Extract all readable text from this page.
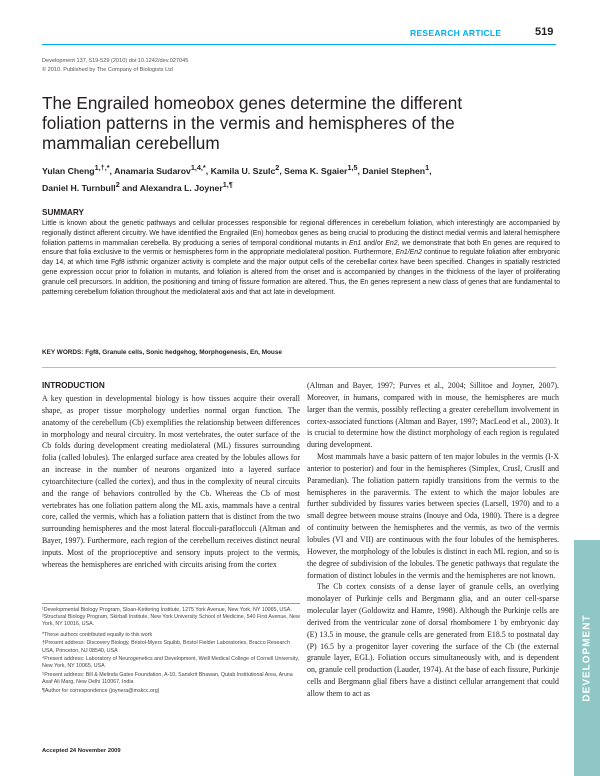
RESEARCH ARTICLE	519
Development 137, 519-529 (2010) doi:10.1242/dev.027045
© 2010. Published by The Company of Biologists Ltd
The Engrailed homeobox genes determine the different foliation patterns in the vermis and hemispheres of the mammalian cerebellum
Yulan Cheng$^{1,\dagger,*}$, Anamaria Sudarov$^{1,4,*}$, Kamila U. Szulc$^2$, Sema K. Sgaier$^{1,5}$, Daniel Stephen$^1$,
Daniel H. Turnbull$^2$ and Alexandra L. Joyner$^{1,\P}$
SUMMARY
Little is known about the genetic pathways and cellular processes responsible for regional differences in cerebellum foliation, which interestingly are accompanied by regionally distinct afferent circuitry. We have identified the Engrailed (En) homeobox genes as being crucial to producing the distinct medial vermis and lateral hemisphere foliation patterns in mammalian cerebella. By producing a series of temporal conditional mutants in En1 and/or En2, we demonstrate that both En genes are required to ensure that folia exclusive to the vermis or hemispheres form in the appropriate mediolateral position. Furthermore, En1/En2 continue to regulate foliation after embryonic day 14, at which time Fgf8 isthmic organizer activity is complete and the major output cells of the cerebellar cortex have been specified. Changes in spatially restricted gene expression occur prior to foliation in mutants, and foliation is altered from the onset and is accompanied by changes in the thickness of the layer of proliferating granule cell precursors. In addition, the positioning and timing of fissure formation are altered. Thus, the En genes represent a new class of genes that are fundamental to patterning cerebellum foliation throughout the mediolateral axis and that act late in development.
KEY WORDS: Fgf8, Granule cells, Sonic hedgehog, Morphogenesis, En, Mouse
INTRODUCTION

A key question in developmental biology is how tissues acquire their overall shape, as proper tissue morphology underlies normal organ function. The anatomy of the cerebellum (Cb) exemplifies the relationship between differences in morphology and neural circuitry. In most vertebrates, the outer surface of the Cb folds during development creating mediolateral (ML) fissures surrounding folia (called lobules). The enlarged surface area created by the lobules allows for an increase in the number of neurons organized into a layered surface cytoarchitecture (called the cortex), and thus in the complexity of neural circuits and the range of behaviors controlled by the Cb. Whereas the Cb of most vertebrates has one foliation pattern along the ML axis, mammals have a central core, called the vermis, which has a foliation pattern that is distinct from the two surrounding hemispheres and the most lateral flocculi-paraflocculi (Altman and Bayer, 1997). Furthermore, each region of the cerebellum receives distinct neural inputs. Most of the proprioceptive and sensory inputs project to the vermis, whereas the hemispheres are enriched with circuits arising from the cortex

(Altman and Bayer, 1997; Purves et al., 2004; Sillitoe and Joyner, 2007). Moreover, in humans, compared with in mouse, the hemispheres are much larger than the vermis, possibly reflecting a greater cerebellum involvement in cortex-associated functions (Altman and Bayer, 1997; MacLeod et al., 2003). It is crucial to determine how the distinct morphology of each region is regulated during development.

Most mammals have a basic pattern of ten major lobules in the vermis (I-X anterior to posterior) and four in the hemispheres (Simplex, CrusI, CrusII and Paramedian). The foliation pattern rapidly transitions from the vermis to the hemispheres in the paravermis. The extent to which the major lobules are further subdivided by fissures varies between species (Larsell, 1970) and to a small degree between mouse strains (Inouye and Oda, 1980). There is a degree of continuity between the hemispheres and the vermis, as two of the vermis lobules (VI and VII) are continuous with the four lobules of the hemispheres. However, the morphology of the lobules is distinct in each ML region, and so is the degree of subdivision of the lobules. The genetic pathways that regulate the formation of distinct lobules in the vermis and the hemispheres are not known.

The Cb cortex consists of a dense layer of granule cells, an overlying monolayer of Purkinje cells and Bergmann glia, and an outer cell-sparse molecular layer (Goldowitz and Hamre, 1998). Although the Purkinje cells are derived from the ventricular zone of dorsal rhombomere 1 by embryonic day (E) 13.5 in mouse, the granule cells are generated from E18.5 to postnatal day (P) 16.5 by a progenitor layer covering the surface of the Cb (the external granule layer, EGL). Foliation occurs simultaneously with, and is dependent on, granule cell production (Lauder, 1974). At the base of each fissure, Purkinje cells and Bergmann glial fibers have a distinct cellular arrangement that could allow them to act as

¹Developmental Biology Program, Sloan-Kettering Institute, 1275 York Avenue, New York, NY 10065, USA. ²Structural Biology Program, Skirball Institute, New York University School of Medicine, 540 First Avenue, New York, NY 10016, USA.

*These authors contributed equally to this work

†Present address: Discovery Biology, Bristol-Myers Squibb, Bristol Fielder Laboratories, Bracco Research USA, Princeton, NJ 08540, USA

⁴Present address: Laboratory of Neurogenetics and Development, Weill Medical College of Cornell University, New York, NY 10065, USA

⁵Present address: Bill & Melinda Gates Foundation, A-10, Sanskrit Bhawan, Qutab Institutional Area, Aruna Asaf Ali Marg, New Delhi 110067, India

¶Author for correspondence (joynera@mskcc.org)

Accepted 24 November 2009
DEVELOPMENT
